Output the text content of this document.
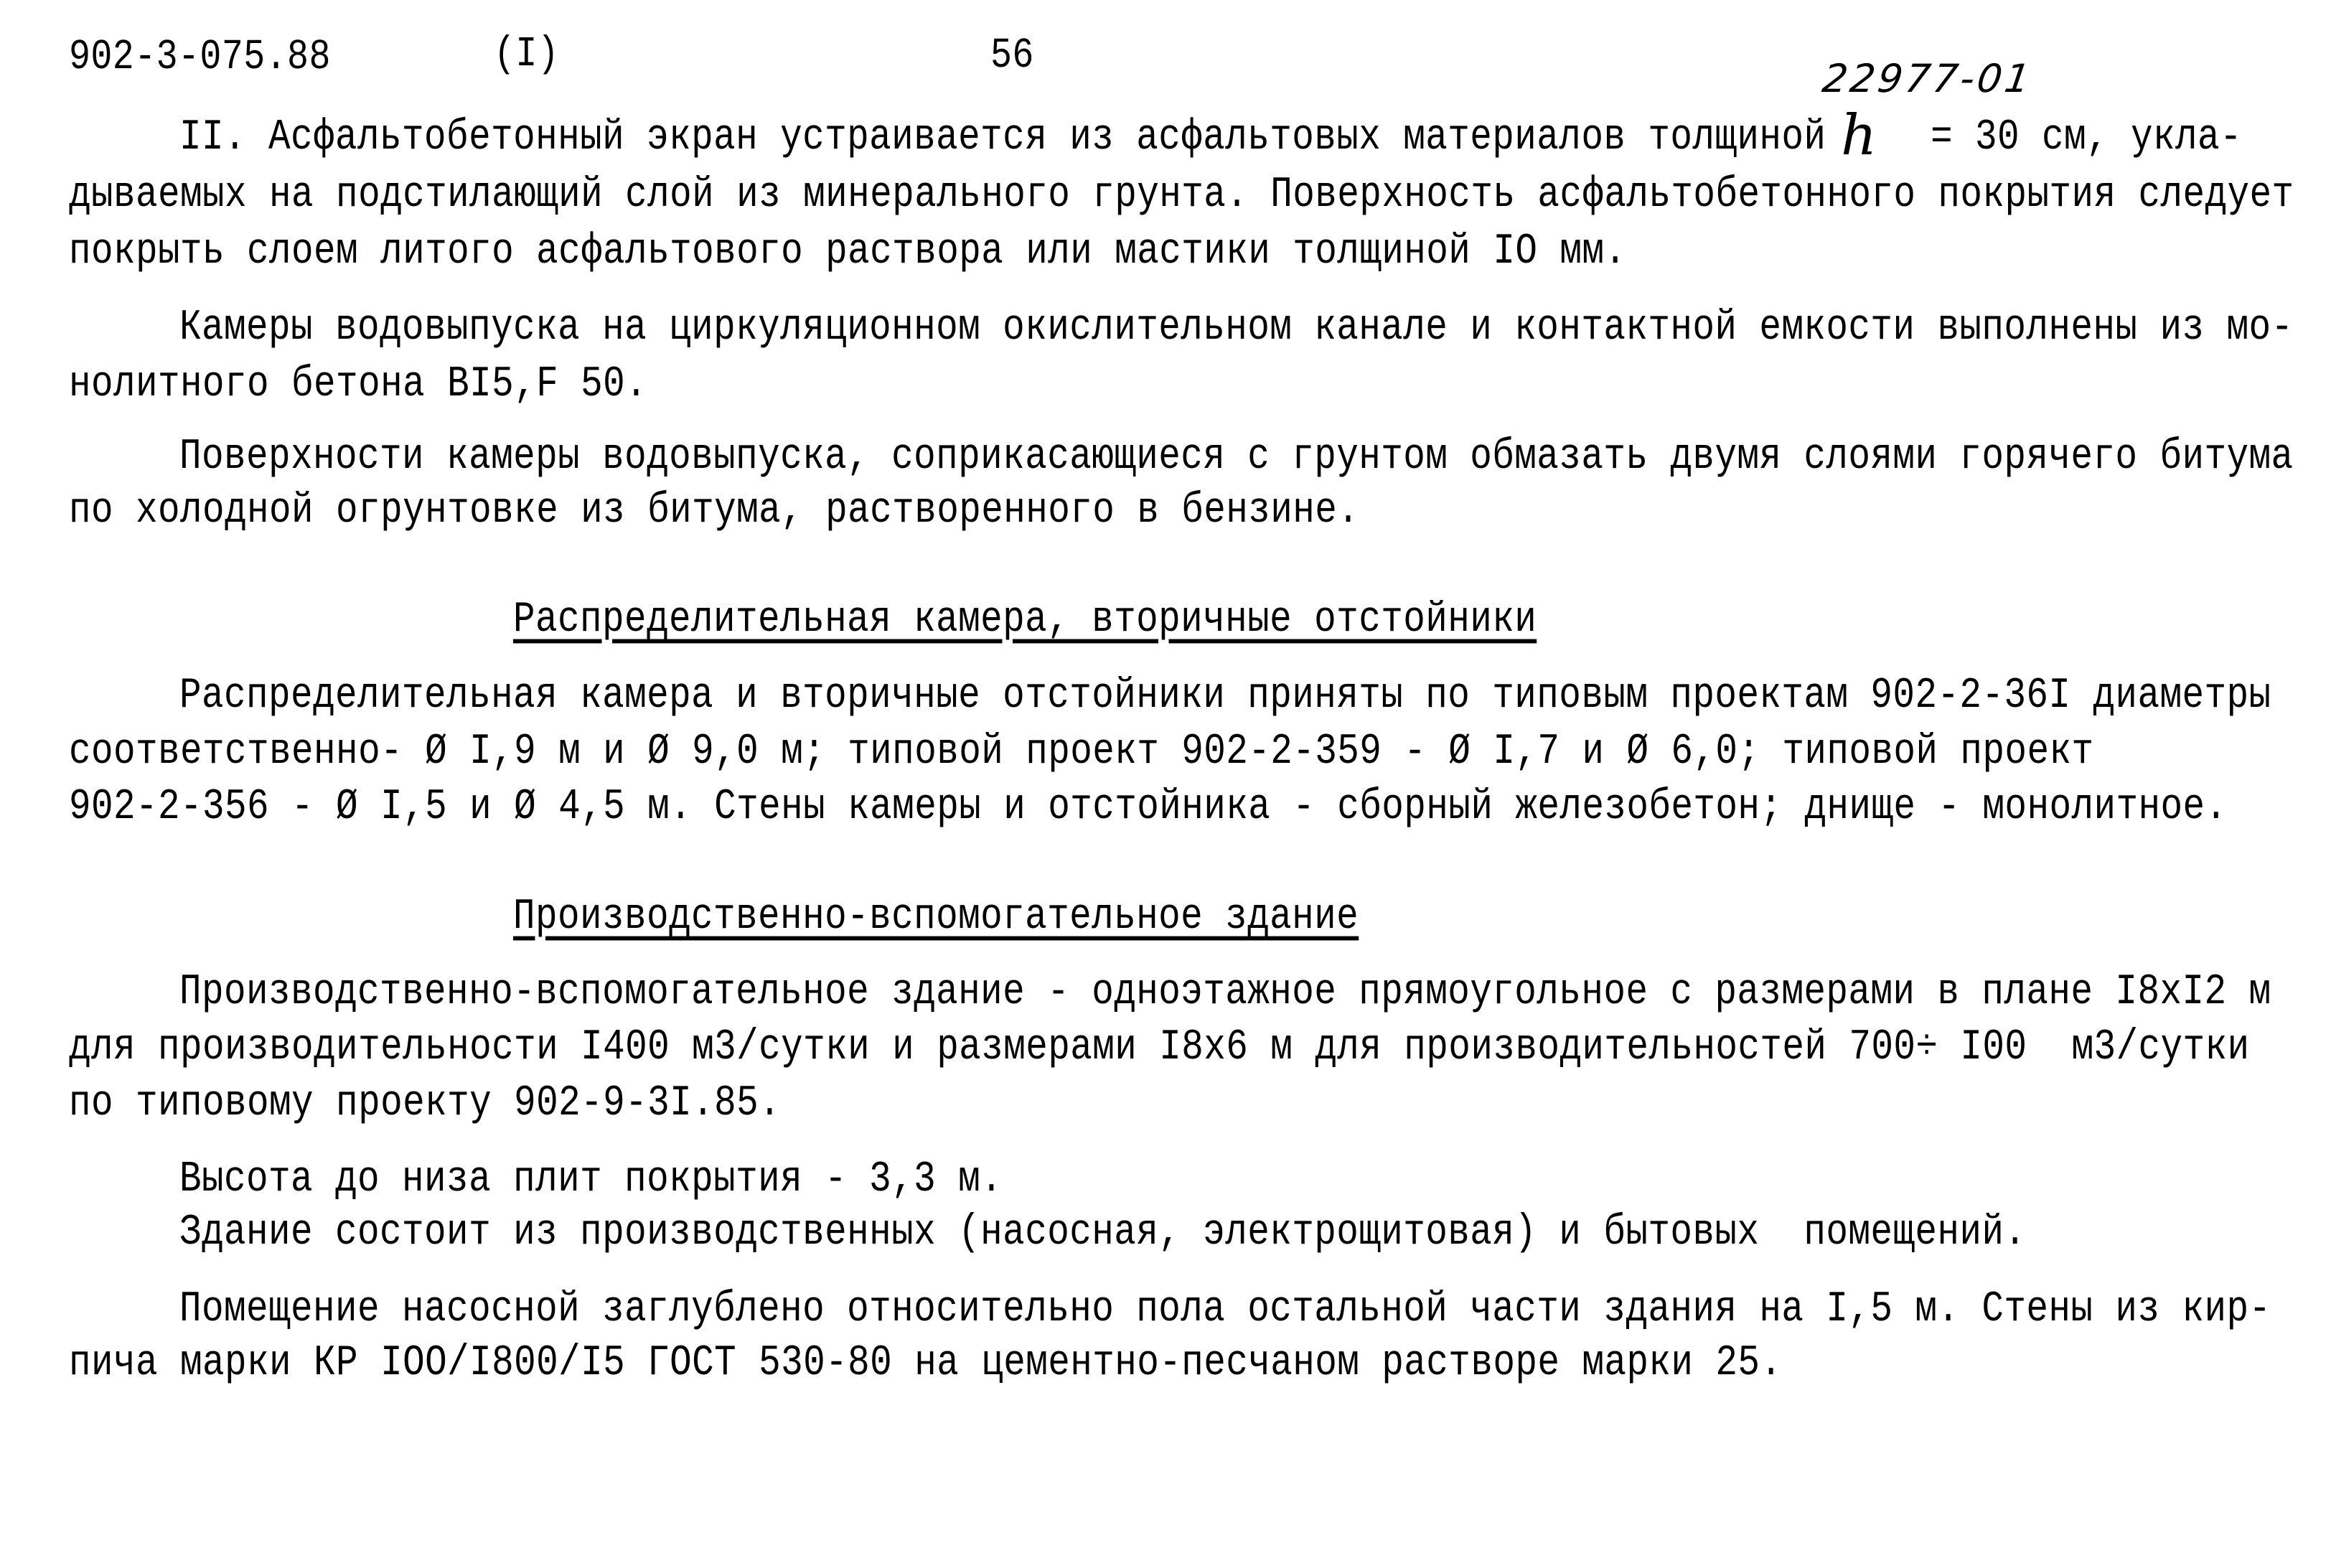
902-3-075.88	(I)	56	22977-01
II. Асфальтобетонный экран устраивается из асфальтовых материалов толщиной h = 30 см, укла-
дываемых на подстилающий слой из минерального грунта. Поверхность асфальтобетонного покрытия следует
покрыть слоем литого асфальтового раствора или мастики толщиной IO мм.
Камеры водовыпуска на циркуляционном окислительном канале и контактной емкости выполнены из мо-
нолитного бетона BI5,F 50.
Поверхности камеры водовыпуска, соприкасающиеся с грунтом обмазать двумя слоями горячего битума
по холодной огрунтовке из битума, растворенного в бензине.
Распределительная камера, вторичные отстойники
Распределительная камера и вторичные отстойники приняты по типовым проектам 902-2-36I диаметры
соответственно- Ø I,9 м и Ø 9,0 м; типовой проект 902-2-359 - Ø I,7 и Ø 6,0; типовой проект
902-2-356 - Ø I,5 и Ø 4,5 м. Стены камеры и отстойника - сборный железобетон; днище - монолитное.
Производственно-вспомогательное здание
Производственно-вспомогательное здание - одноэтажное прямоугольное с размерами в плане I8xI2 м
для производительности I400 м3/сутки и размерами I8x6 м для производительностей 700÷ I00  м3/сутки
по типовому проекту 902-9-3I.85.
Высота до низа плит покрытия - 3,3 м.
Здание состоит из производственных (насосная, электрощитовая) и бытовых  помещений.
Помещение насосной заглублено относительно пола остальной части здания на I,5 м. Стены из кир-
пича марки КР IOO/I800/I5 ГОСТ 530-80 на цементно-песчаном растворе марки 25.
